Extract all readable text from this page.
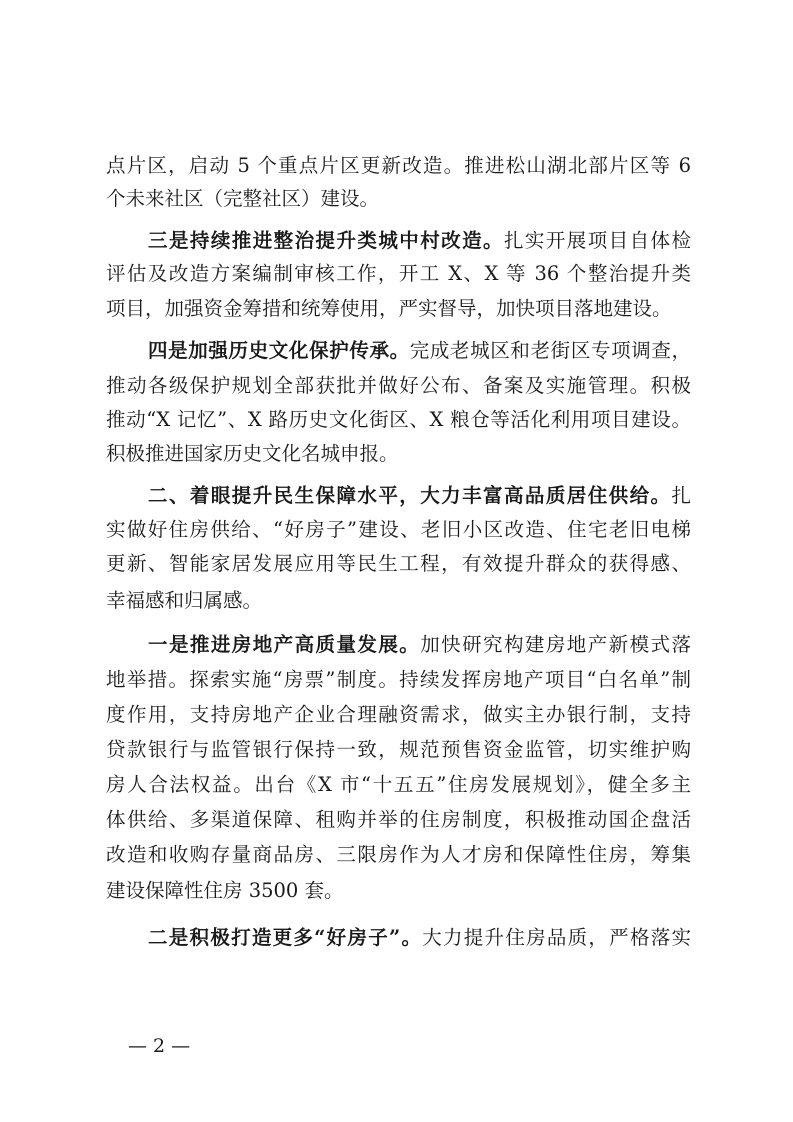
点片区，启动 5 个重点片区更新改造。推进松山湖北部片区等 6
个未来社区（完整社区）建设。
三是持续推进整治提升类城中村改造。扎实开展项目自体检
评估及改造方案编制审核工作，开工 X、X 等 36 个整治提升类
项目，加强资金筹措和统筹使用，严实督导，加快项目落地建设。
四是加强历史文化保护传承。完成老城区和老街区专项调查，
推动各级保护规划全部获批并做好公布、备案及实施管理。积极
推动“X 记忆”、X 路历史文化街区、X 粮仓等活化利用项目建设。
积极推进国家历史文化名城申报。
二、着眼提升民生保障水平，大力丰富高品质居住供给。扎
实做好住房供给、“好房子”建设、老旧小区改造、住宅老旧电梯
更新、智能家居发展应用等民生工程，有效提升群众的获得感、
幸福感和归属感。
一是推进房地产高质量发展。加快研究构建房地产新模式落
地举措。探索实施“房票”制度。持续发挥房地产项目“白名单”制
度作用，支持房地产企业合理融资需求，做实主办银行制，支持
贷款银行与监管银行保持一致，规范预售资金监管，切实维护购
房人合法权益。出台《X 市“十五五”住房发展规划》，健全多主
体供给、多渠道保障、租购并举的住房制度，积极推动国企盘活
改造和收购存量商品房、三限房作为人才房和保障性住房，筹集
建设保障性住房 3500 套。
二是积极打造更多“好房子”。大力提升住房品质，严格落实
— 2 —
